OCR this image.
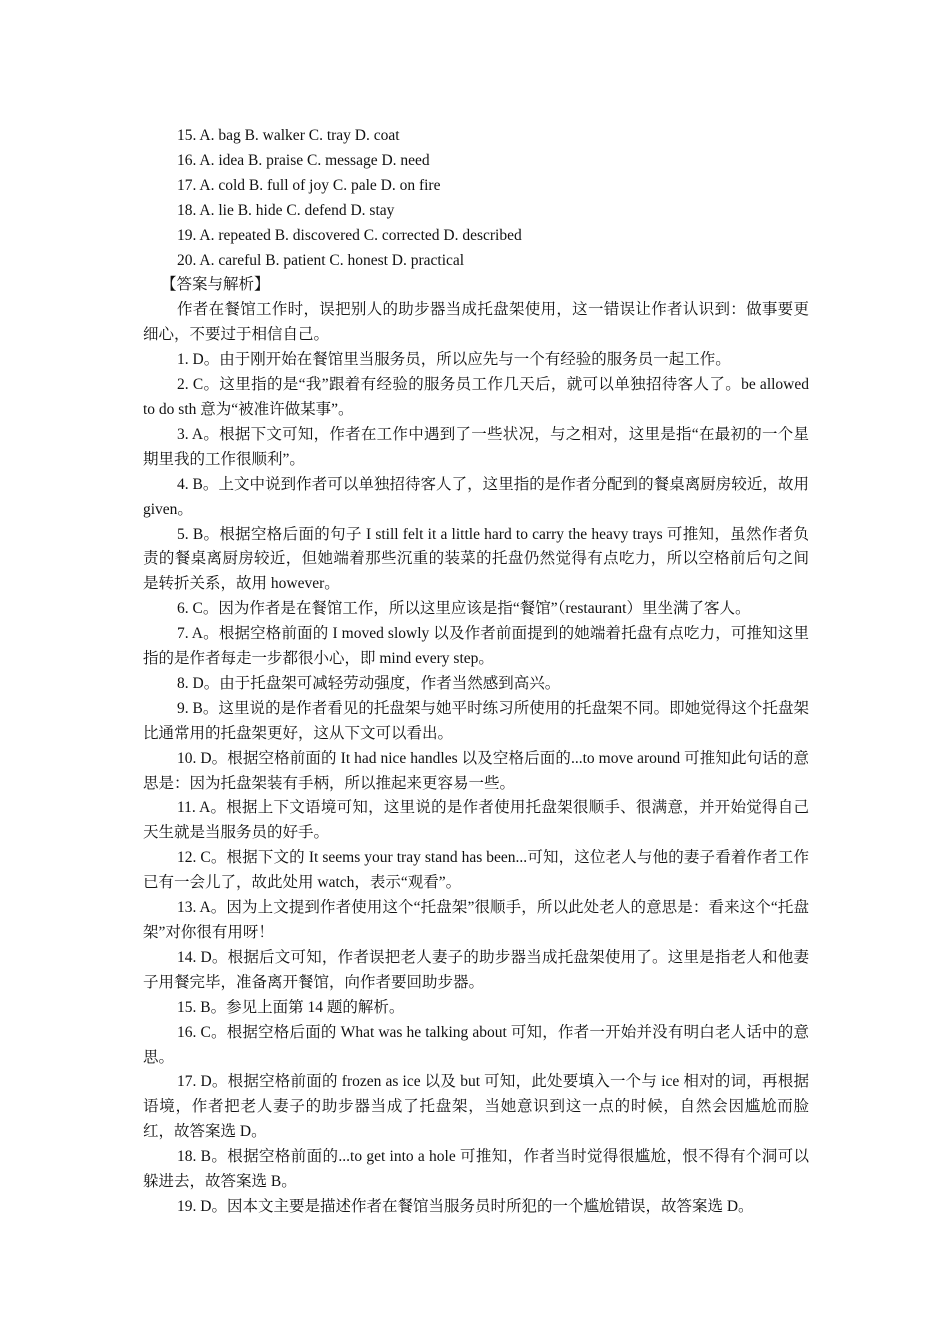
15. A. bag B. walker C. tray D. coat
16. A. idea B. praise C. message D. need
17. A. cold B. full of joy C. pale D. on fire
18. A. lie B. hide C. defend D. stay
19. A. repeated B. discovered C. corrected D. described
20. A. careful B. patient C. honest D. practical
【答案与解析】

作者在餐馆工作时，误把别人的助步器当成托盘架使用，这一错误让作者认识到：做事要更细心，不要过于相信自己。

1. D。由于刚开始在餐馆里当服务员，所以应先与一个有经验的服务员一起工作。

2. C。这里指的是“我”跟着有经验的服务员工作几天后，就可以单独招待客人了。be allowed to do sth 意为“被准许做某事”。

3. A。根据下文可知，作者在工作中遇到了一些状况，与之相对，这里是指“在最初的一个星期里我的工作很顺利”。

4. B。上文中说到作者可以单独招待客人了，这里指的是作者分配到的餐桌离厨房较近，故用 given。

5. B。根据空格后面的句子 I still felt it a little hard to carry the heavy trays 可推知，虽然作者负责的餐桌离厨房较近，但她端着那些沉重的装菜的托盘仍然觉得有点吃力，所以空格前后句之间是转折关系，故用 however。

6. C。因为作者是在餐馆工作，所以这里应该是指“餐馆”（restaurant）里坐满了客人。

7. A。根据空格前面的 I moved slowly 以及作者前面提到的她端着托盘有点吃力，可推知这里指的是作者每走一步都很小心，即 mind every step。

8. D。由于托盘架可减轻劳动强度，作者当然感到高兴。

9. B。这里说的是作者看见的托盘架与她平时练习所使用的托盘架不同。即她觉得这个托盘架比通常用的托盘架更好，这从下文可以看出。

10. D。根据空格前面的 It had nice handles 以及空格后面的...to move around 可推知此句话的意思是：因为托盘架装有手柄，所以推起来更容易一些。

11. A。根据上下文语境可知，这里说的是作者使用托盘架很顺手、很满意，并开始觉得自己天生就是当服务员的好手。

12. C。根据下文的 It seems your tray stand has been...可知，这位老人与他的妻子看着作者工作已有一会儿了，故此处用 watch，表示“观看”。

13. A。因为上文提到作者使用这个“托盘架”很顺手，所以此处老人的意思是：看来这个“托盘架”对你很有用呀！

14. D。根据后文可知，作者误把老人妻子的助步器当成托盘架使用了。这里是指老人和他妻子用餐完毕，准备离开餐馆，向作者要回助步器。

15. B。参见上面第 14 题的解析。

16. C。根据空格后面的 What was he talking about 可知，作者一开始并没有明白老人话中的意思。

17. D。根据空格前面的 frozen as ice 以及 but 可知，此处要填入一个与 ice 相对的词，再根据语境，作者把老人妻子的助步器当成了托盘架，当她意识到这一点的时候，自然会因尴尬而脸红，故答案选 D。

18. B。根据空格前面的...to get into a hole 可推知，作者当时觉得很尴尬，恨不得有个洞可以躲进去，故答案选 B。

19. D。因本文主要是描述作者在餐馆当服务员时所犯的一个尴尬错误，故答案选 D。
